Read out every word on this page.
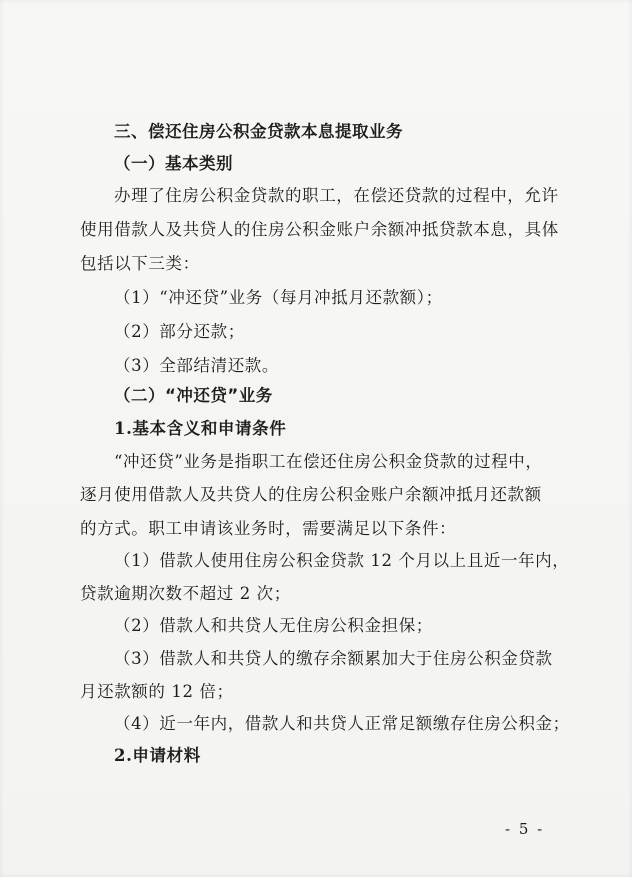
三、偿还住房公积金贷款本息提取业务
（一）基本类别
办理了住房公积金贷款的职工，在偿还贷款的过程中，允许
使用借款人及共贷人的住房公积金账户余额冲抵贷款本息，具体
包括以下三类：
（1）“冲还贷”业务（每月冲抵月还款额）；
（2）部分还款；
（3）全部结清还款。
（二）“冲还贷”业务
1.基本含义和申请条件
“冲还贷”业务是指职工在偿还住房公积金贷款的过程中，
逐月使用借款人及共贷人的住房公积金账户余额冲抵月还款额
的方式。职工申请该业务时，需要满足以下条件：
（1）借款人使用住房公积金贷款 12 个月以上且近一年内，
贷款逾期次数不超过 2 次；
（2）借款人和共贷人无住房公积金担保；
（3）借款人和共贷人的缴存余额累加大于住房公积金贷款
月还款额的 12 倍；
（4）近一年内，借款人和共贷人正常足额缴存住房公积金；
2.申请材料
- 5 -
